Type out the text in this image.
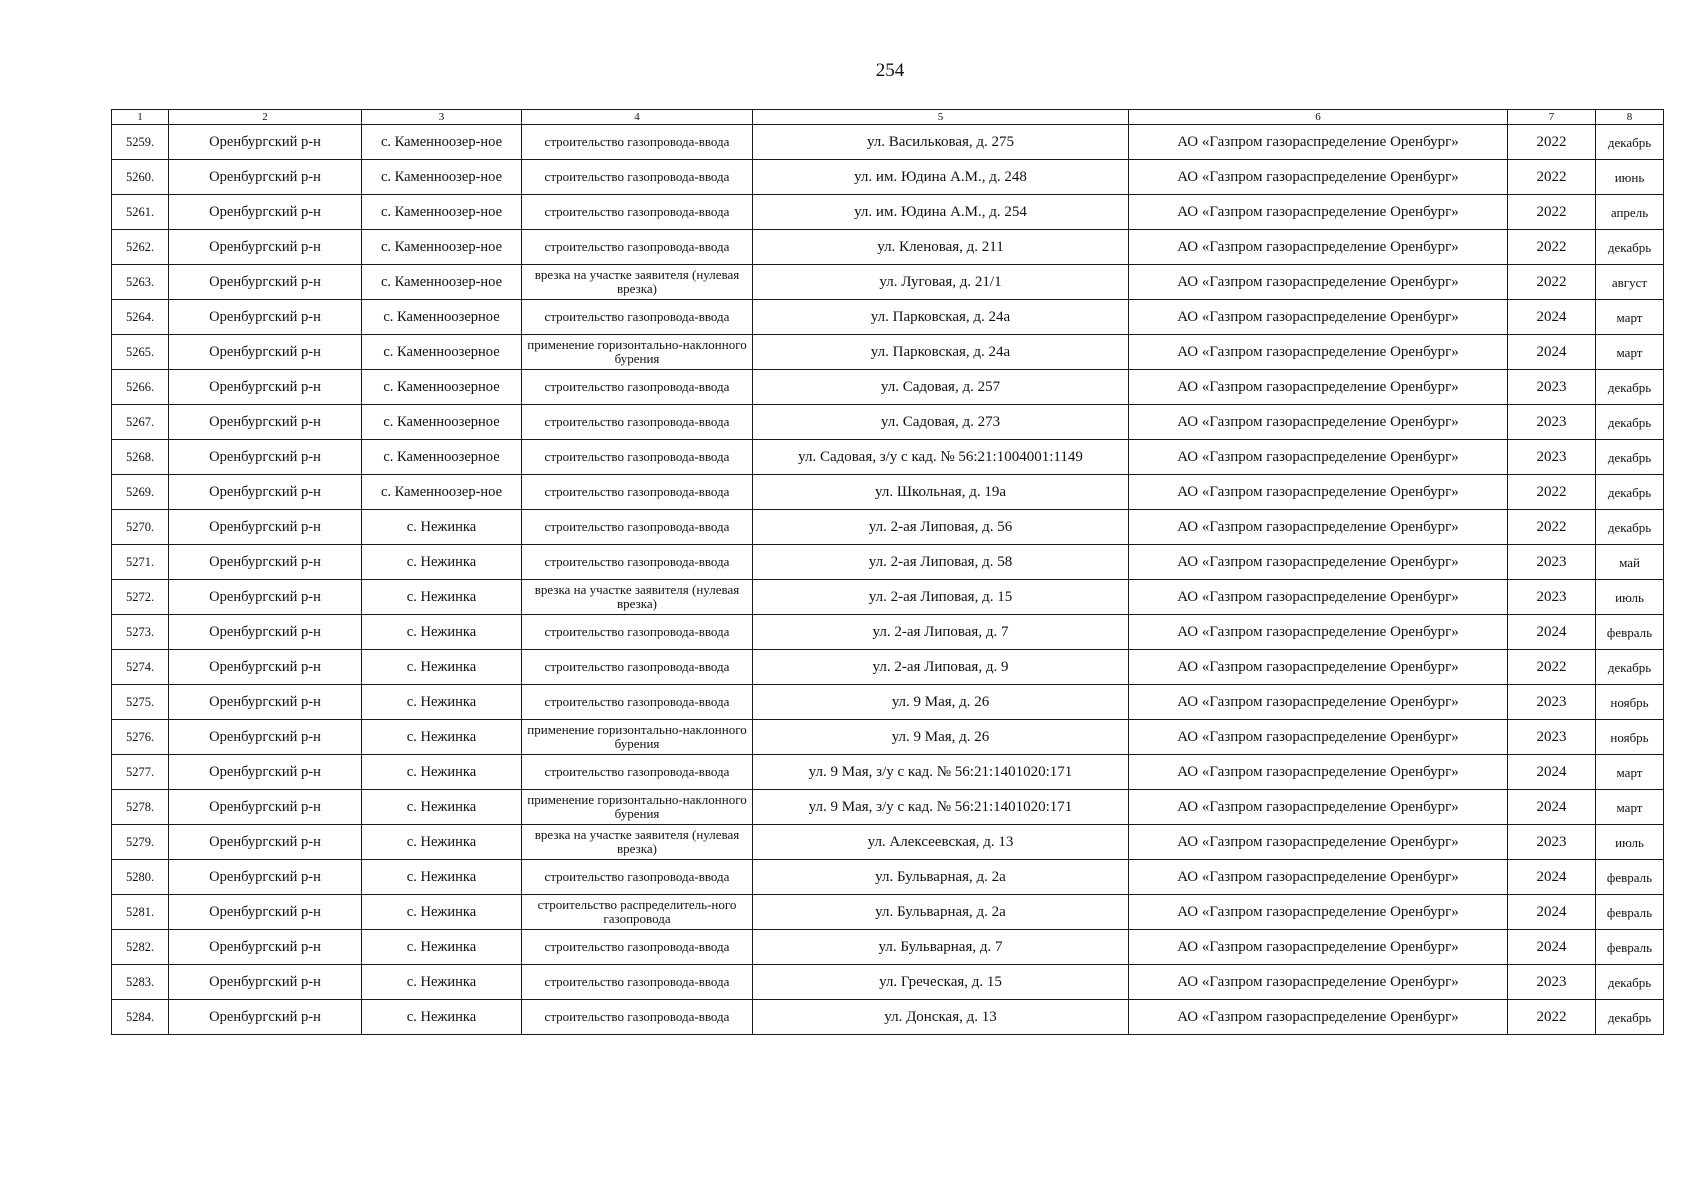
254
1	2	3	4	5	6	7	8
5259.	Оренбургский р-н	с. Каменноозер-ное	строительство газопровода-ввода	ул. Васильковая, д. 275	АО «Газпром газораспределение Оренбург»	2022	декабрь
5260.	Оренбургский р-н	с. Каменноозер-ное	строительство газопровода-ввода	ул. им. Юдина А.М., д. 248	АО «Газпром газораспределение Оренбург»	2022	июнь
5261.	Оренбургский р-н	с. Каменноозер-ное	строительство газопровода-ввода	ул. им. Юдина А.М., д. 254	АО «Газпром газораспределение Оренбург»	2022	апрель
5262.	Оренбургский р-н	с. Каменноозер-ное	строительство газопровода-ввода	ул. Кленовая, д. 211	АО «Газпром газораспределение Оренбург»	2022	декабрь
5263.	Оренбургский р-н	с. Каменноозер-ное	врезка на участке заявителя (нулевая врезка)	ул. Луговая, д. 21/1	АО «Газпром газораспределение Оренбург»	2022	август
5264.	Оренбургский р-н	с. Каменноозерное	строительство газопровода-ввода	ул. Парковская, д. 24а	АО «Газпром газораспределение Оренбург»	2024	март
5265.	Оренбургский р-н	с. Каменноозерное	применение горизонтально-наклонного бурения	ул. Парковская, д. 24а	АО «Газпром газораспределение Оренбург»	2024	март
5266.	Оренбургский р-н	с. Каменноозерное	строительство газопровода-ввода	ул. Садовая, д. 257	АО «Газпром газораспределение Оренбург»	2023	декабрь
5267.	Оренбургский р-н	с. Каменноозерное	строительство газопровода-ввода	ул. Садовая, д. 273	АО «Газпром газораспределение Оренбург»	2023	декабрь
5268.	Оренбургский р-н	с. Каменноозерное	строительство газопровода-ввода	ул. Садовая, з/у с кад. № 56:21:1004001:1149	АО «Газпром газораспределение Оренбург»	2023	декабрь
5269.	Оренбургский р-н	с. Каменноозер-ное	строительство газопровода-ввода	ул. Школьная, д. 19а	АО «Газпром газораспределение Оренбург»	2022	декабрь
5270.	Оренбургский р-н	с. Нежинка	строительство газопровода-ввода	ул. 2-ая Липовая, д. 56	АО «Газпром газораспределение Оренбург»	2022	декабрь
5271.	Оренбургский р-н	с. Нежинка	строительство газопровода-ввода	ул. 2-ая Липовая, д. 58	АО «Газпром газораспределение Оренбург»	2023	май
5272.	Оренбургский р-н	с. Нежинка	врезка на участке заявителя (нулевая врезка)	ул. 2-ая Липовая, д. 15	АО «Газпром газораспределение Оренбург»	2023	июль
5273.	Оренбургский р-н	с. Нежинка	строительство газопровода-ввода	ул. 2-ая Липовая, д. 7	АО «Газпром газораспределение Оренбург»	2024	февраль
5274.	Оренбургский р-н	с. Нежинка	строительство газопровода-ввода	ул. 2-ая Липовая, д. 9	АО «Газпром газораспределение Оренбург»	2022	декабрь
5275.	Оренбургский р-н	с. Нежинка	строительство газопровода-ввода	ул. 9 Мая, д. 26	АО «Газпром газораспределение Оренбург»	2023	ноябрь
5276.	Оренбургский р-н	с. Нежинка	применение горизонтально-наклонного бурения	ул. 9 Мая, д. 26	АО «Газпром газораспределение Оренбург»	2023	ноябрь
5277.	Оренбургский р-н	с. Нежинка	строительство газопровода-ввода	ул. 9 Мая, з/у с кад. № 56:21:1401020:171	АО «Газпром газораспределение Оренбург»	2024	март
5278.	Оренбургский р-н	с. Нежинка	применение горизонтально-наклонного бурения	ул. 9 Мая, з/у с кад. № 56:21:1401020:171	АО «Газпром газораспределение Оренбург»	2024	март
5279.	Оренбургский р-н	с. Нежинка	врезка на участке заявителя (нулевая врезка)	ул. Алексеевская, д. 13	АО «Газпром газораспределение Оренбург»	2023	июль
5280.	Оренбургский р-н	с. Нежинка	строительство газопровода-ввода	ул. Бульварная, д. 2а	АО «Газпром газораспределение Оренбург»	2024	февраль
5281.	Оренбургский р-н	с. Нежинка	строительство распределитель-ного газопровода	ул. Бульварная, д. 2а	АО «Газпром газораспределение Оренбург»	2024	февраль
5282.	Оренбургский р-н	с. Нежинка	строительство газопровода-ввода	ул. Бульварная, д. 7	АО «Газпром газораспределение Оренбург»	2024	февраль
5283.	Оренбургский р-н	с. Нежинка	строительство газопровода-ввода	ул. Греческая, д. 15	АО «Газпром газораспределение Оренбург»	2023	декабрь
5284.	Оренбургский р-н	с. Нежинка	строительство газопровода-ввода	ул. Донская, д. 13	АО «Газпром газораспределение Оренбург»	2022	декабрь
